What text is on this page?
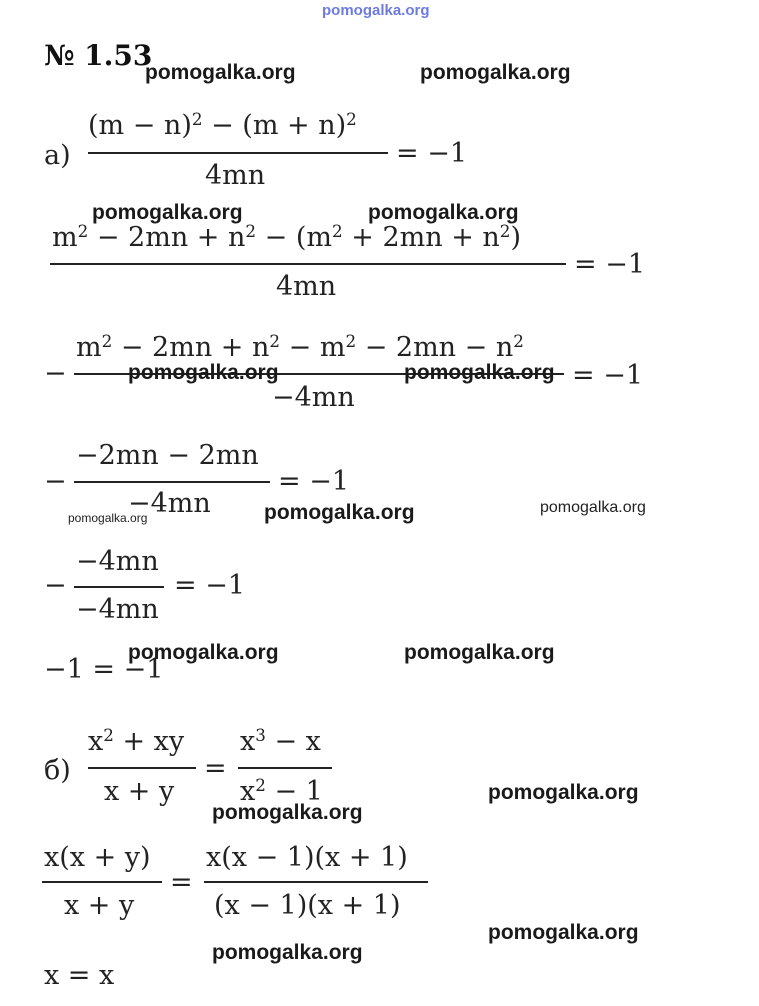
pomogalka.org
№ 1.53
pomogalka.org	pomogalka.org
pomogalka.org	pomogalka.org
pomogalka.org
pomogalka.org	pomogalka.org
pomogalka.org
pomogalka.org
pomogalka.org
pomogalka.org
pomogalka.org
pomogalka.org
а)
$(m - n)^2 - (m + n)^2$
4mn
= −1
$m^2 - 2mn + n^2 - (m^2 + 2mn + n^2)$
4mn
= −1
−
$m^2 - 2mn + n^2 - m^2 - 2mn - n^2$
−4mn
= −1
pomogalka.org	pomogalka.org
−
−2mn − 2mn
−4mn
= −1
−
−4mn
−4mn
= −1
−1 = −1
б)
$x^2$ + xy
x + y
=
$x^3 - x$
$x^2 - 1$
x(x + y)
x + y
=
x(x − 1)(x + 1)
(x − 1)(x + 1)
x = x
